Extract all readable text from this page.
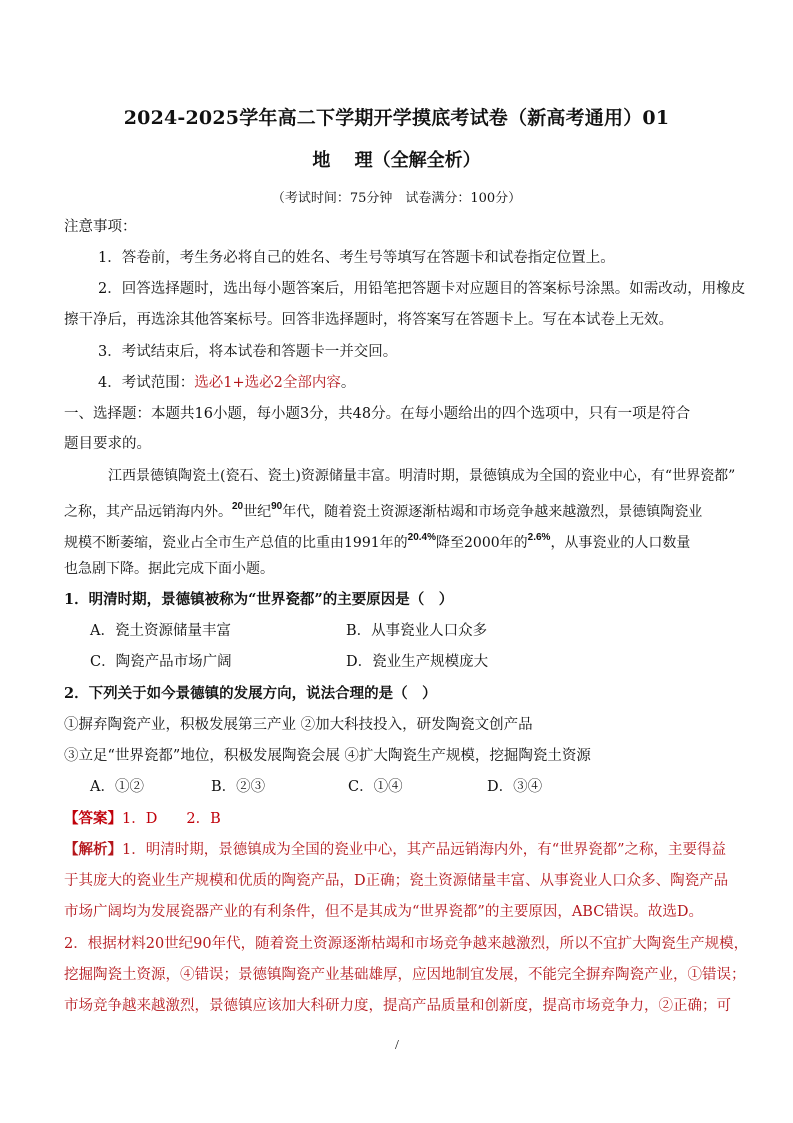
2024-2025学年高二下学期开学摸底考试卷（新高考通用）01
地　 理（全解全析）
（考试时间：75分钟　试卷满分：100分）
注意事项：
1．答卷前，考生务必将自己的姓名、考生号等填写在答题卡和试卷指定位置上。
2．回答选择题时，选出每小题答案后，用铅笔把答题卡对应题目的答案标号涂黑。如需改动，用橡皮
擦干净后，再选涂其他答案标号。回答非选择题时，将答案写在答题卡上。写在本试卷上无效。
3．考试结束后，将本试卷和答题卡一并交回。
4．考试范围：选必1+选必2全部内容。
一、选择题：本题共16小题，每小题3分，共48分。在每小题给出的四个选项中，只有一项是符合
题目要求的。
江西景德镇陶瓷土(瓷石、瓷土)资源储量丰富。明清时期，景德镇成为全国的瓷业中心，有“世界瓷都”
之称，其产品远销海内外。$^{20}$世纪$^{90}$年代，随着瓷土资源逐渐枯竭和市场竞争越来越激烈，景德镇陶瓷业
规模不断萎缩，瓷业占全市生产总值的比重由1991年的$^{20.4\%}$降至2000年的$^{2.6\%}$，从事瓷业的人口数量
也急剧下降。据此完成下面小题。
1．明清时期，景德镇被称为“世界瓷都”的主要原因是（　）
A．瓷土资源储量丰富	B．从事瓷业人口众多
C．陶瓷产品市场广阔	D．瓷业生产规模庞大
2．下列关于如今景德镇的发展方向，说法合理的是（　）
①摒弃陶瓷产业，积极发展第三产业 ②加大科技投入，研发陶瓷文创产品
③立足“世界瓷都”地位，积极发展陶瓷会展 ④扩大陶瓷生产规模，挖掘陶瓷土资源
A．①②	B．②③	C．①④	D．③④
【答案】1．D　　2．B
【解析】1．明清时期，景德镇成为全国的瓷业中心，其产品远销海内外，有“世界瓷都”之称，主要得益
于其庞大的瓷业生产规模和优质的陶瓷产品，D正确；瓷土资源储量丰富、从事瓷业人口众多、陶瓷产品
市场广阔均为发展瓷器产业的有利条件，但不是其成为“世界瓷都”的主要原因，ABC错误。故选D。
2．根据材料20世纪90年代，随着瓷土资源逐渐枯竭和市场竞争越来越激烈，所以不宜扩大陶瓷生产规模，
挖掘陶瓷土资源，④错误；景德镇陶瓷产业基础雄厚，应因地制宜发展，不能完全摒弃陶瓷产业，①错误；
市场竞争越来越激烈，景德镇应该加大科研力度，提高产品质量和创新度，提高市场竞争力，②正确；可
/
